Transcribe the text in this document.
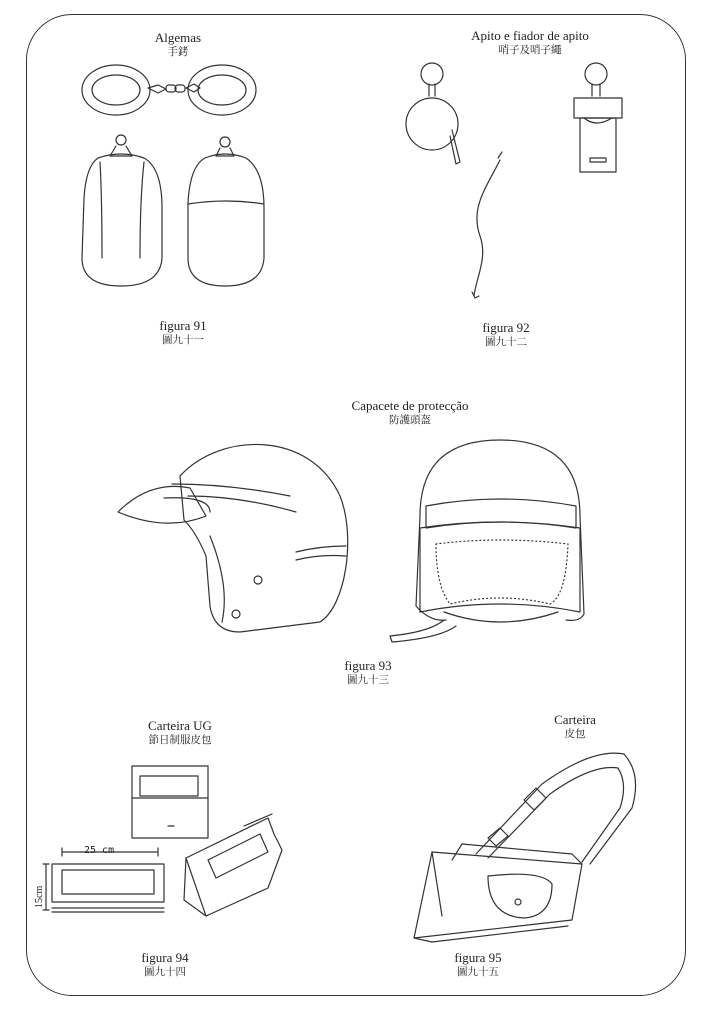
Algemas
手銬
Apito e fiador de apito
哨子及哨子繩
Capacete de protecção
防護頭盔
Carteira UG
節日制服皮包
Carteira
皮包
figura 91
圖九十一
figura 92
圖九十二
figura 93
圖九十三
figura 94
圖九十四
figura 95
圖九十五
25 cm
15cm
